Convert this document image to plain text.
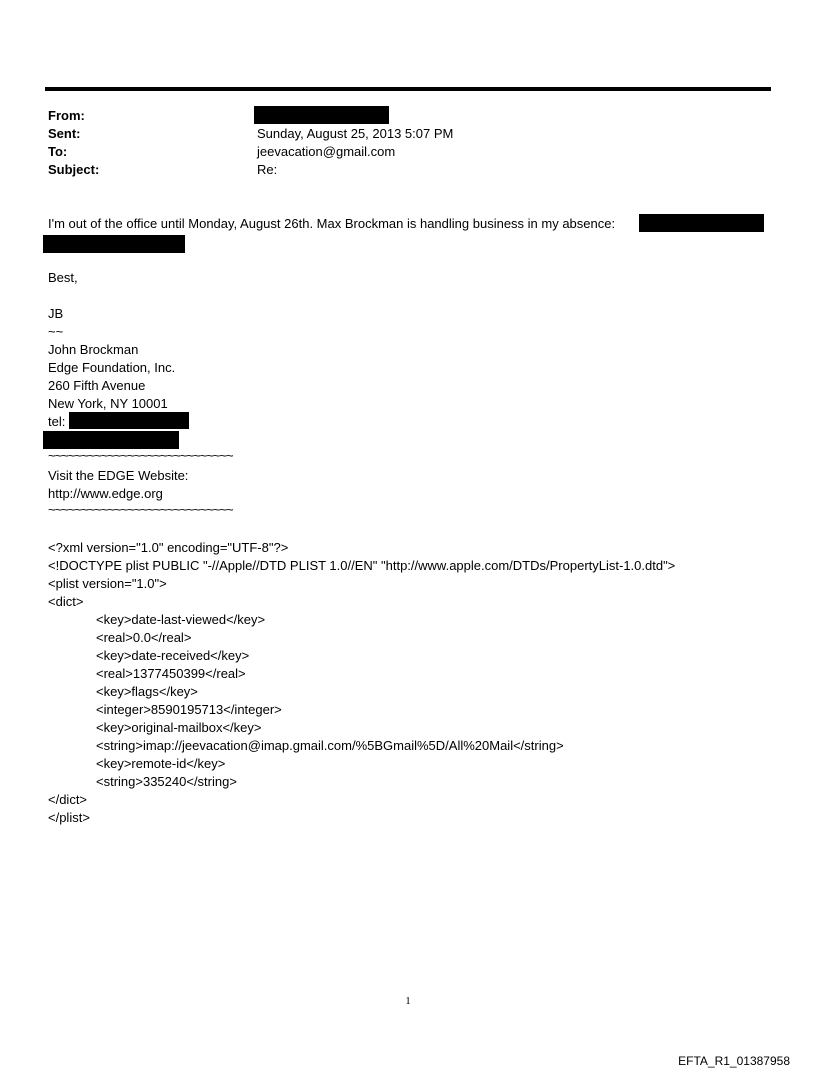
From:
Sent:	Sunday, August 25, 2013 5:07 PM
To:	jeevacation@gmail.com
Subject:	Re:
I'm out of the office until Monday, August 26th. Max Brockman is handling business in my absence:
Best,
JB
~~
John Brockman
Edge Foundation, Inc.
260 Fifth Avenue
New York, NY 10001
tel:
~~~~~~~~~~~~~~~~~~~~~~~~~~~~
Visit the EDGE Website:
http://www.edge.org
~~~~~~~~~~~~~~~~~~~~~~~~~~~~
<?xml version="1.0" encoding="UTF-8"?>
<!DOCTYPE plist PUBLIC "-//Apple//DTD PLIST 1.0//EN" "http://www.apple.com/DTDs/PropertyList-1.0.dtd">
<plist version="1.0">
<dict>
<key>date-last-viewed</key>
<real>0.0</real>
<key>date-received</key>
<real>1377450399</real>
<key>flags</key>
<integer>8590195713</integer>
<key>original-mailbox</key>
<string>imap://jeevacation@imap.gmail.com/%5BGmail%5D/All%20Mail</string>
<key>remote-id</key>
<string>335240</string>
</dict>
</plist>
1
EFTA_R1_01387958
